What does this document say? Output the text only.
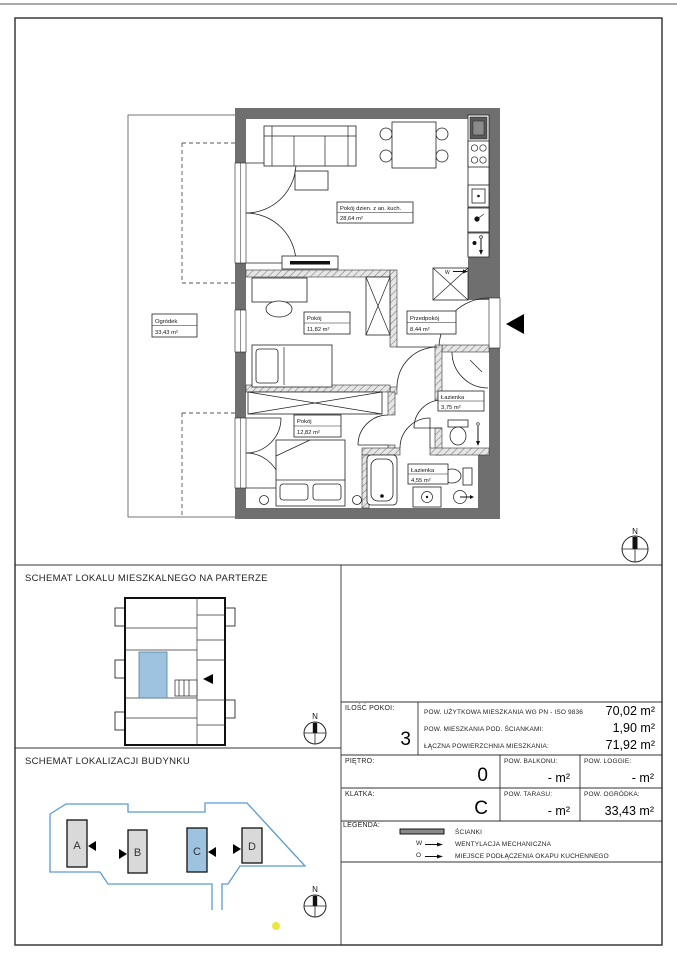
W
Pokój dzien. z an. kuch.
28,64 m²
Pokój
11,82 m²
Przedpokój
8,44 m²
Pokój
12,82 m²
Łazienka
3,75 m²
Łazienka
4,55 m²
Ogródek
33,43 m²
N
N
A
B	C	D
N
SCHEMAT LOKALU MIESZKALNEGO NA PARTERZE
SCHEMAT LOKALIZACJI BUDYNKU
ILOŚĆ POKOI:
3
POW. UŻYTKOWA MIESZKANIA WG PN - ISO 9836	70,02 m²
POW. MIESZKANIA POD. ŚCIANKAMI:	1,90 m²
ŁĄCZNA POWIERZCHNIA MIESZKANIA:	71,92 m²
PIĘTRO:
0
POW. BALKONU:
- m²
POW. LOGGIE:
- m²
KLATKA:
C
POW. TARASU:
- m²
POW. OGRÓDKA:
33,43 m²
LEGENDA:
ŚCIANKI
W	WENTYLACJA MECHANICZNA
O	MIEJSCE PODŁĄCZENIA OKAPU KUCHENNEGO
